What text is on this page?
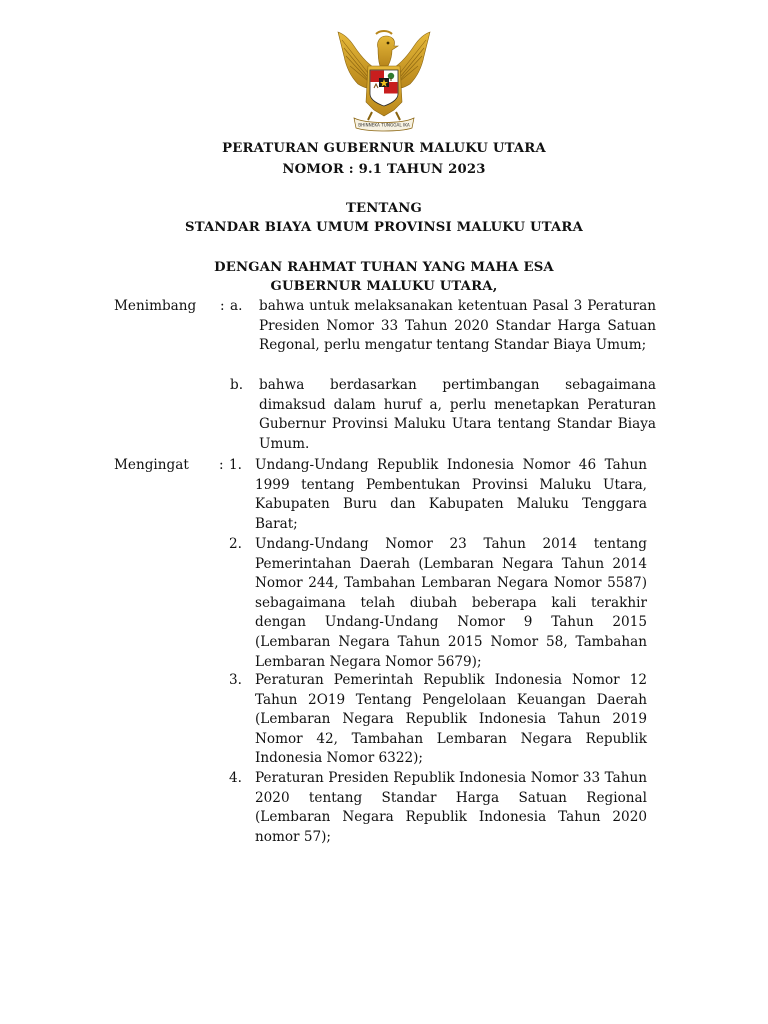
BHINNEKA TUNGGAL IKA
PERATURAN GUBERNUR MALUKU UTARA
NOMOR : 9.1 TAHUN 2023
TENTANG
STANDAR BIAYA UMUM PROVINSI MALUKU UTARA
DENGAN RAHMAT TUHAN YANG MAHA ESA
GUBERNUR MALUKU UTARA,
Menimbang : a. bahwa untuk melaksanakan ketentuan Pasal 3 Peraturan Presiden Nomor 33 Tahun 2020 Standar Harga Satuan Regonal, perlu mengatur tentang Standar Biaya Umum;
b. bahwa berdasarkan pertimbangan sebagaimana dimaksud dalam huruf a, perlu menetapkan Peraturan Gubernur Provinsi Maluku Utara tentang Standar Biaya Umum.
Mengingat : 1. Undang-Undang Republik Indonesia Nomor 46 Tahun 1999 tentang Pembentukan Provinsi Maluku Utara, Kabupaten Buru dan Kabupaten Maluku Tenggara Barat;
2. Undang-Undang Nomor 23 Tahun 2014 tentang Pemerintahan Daerah (Lembaran Negara Tahun 2014 Nomor 244, Tambahan Lembaran Negara Nomor 5587) sebagaimana telah diubah beberapa kali terakhir dengan Undang-Undang Nomor 9 Tahun 2015 (Lembaran Negara Tahun 2015 Nomor 58, Tambahan Lembaran Negara Nomor 5679);
3. Peraturan Pemerintah Republik Indonesia Nomor 12 Tahun 2O19 Tentang Pengelolaan Keuangan Daerah (Lembaran Negara Republik Indonesia Tahun 2019 Nomor 42, Tambahan Lembaran Negara Republik Indonesia Nomor 6322);
4. Peraturan Presiden Republik Indonesia Nomor 33 Tahun 2020 tentang Standar Harga Satuan Regional (Lembaran Negara Republik Indonesia Tahun 2020 nomor 57);
